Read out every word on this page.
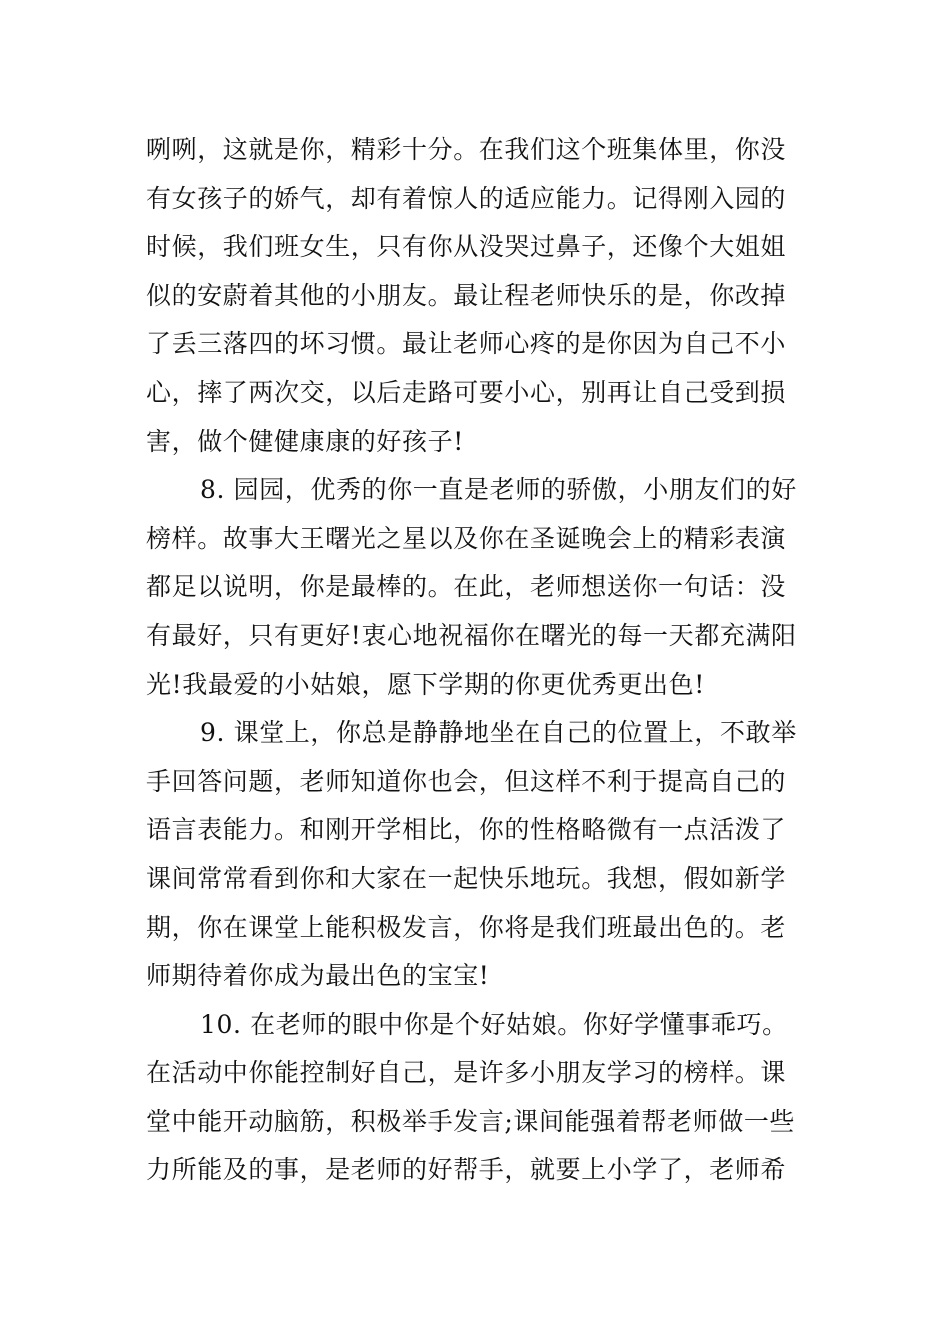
咧咧，这就是你，精彩十分。在我们这个班集体里，你没
有女孩子的娇气，却有着惊人的适应能力。记得刚入园的
时候，我们班女生，只有你从没哭过鼻子，还像个大姐姐
似的安蔚着其他的小朋友。最让程老师快乐的是，你改掉
了丢三落四的坏习惯。最让老师心疼的是你因为自己不小
心，摔了两次交，以后走路可要小心，别再让自己受到损
害，做个健健康康的好孩子!
8. 园园，优秀的你一直是老师的骄傲，小朋友们的好
榜样。故事大王曙光之星以及你在圣诞晚会上的精彩表演
都足以说明，你是最棒的。在此，老师想送你一句话：没
有最好，只有更好!衷心地祝福你在曙光的每一天都充满阳
光!我最爱的小姑娘，愿下学期的你更优秀更出色!
9. 课堂上，你总是静静地坐在自己的位置上，不敢举
手回答问题，老师知道你也会，但这样不利于提高自己的
语言表能力。和刚开学相比，你的性格略微有一点活泼了
课间常常看到你和大家在一起快乐地玩。我想，假如新学
期，你在课堂上能积极发言，你将是我们班最出色的。老
师期待着你成为最出色的宝宝!
10. 在老师的眼中你是个好姑娘。你好学懂事乖巧。
在活动中你能控制好自己，是许多小朋友学习的榜样。课
堂中能开动脑筋，积极举手发言;课间能强着帮老师做一些
力所能及的事，是老师的好帮手，就要上小学了，老师希
